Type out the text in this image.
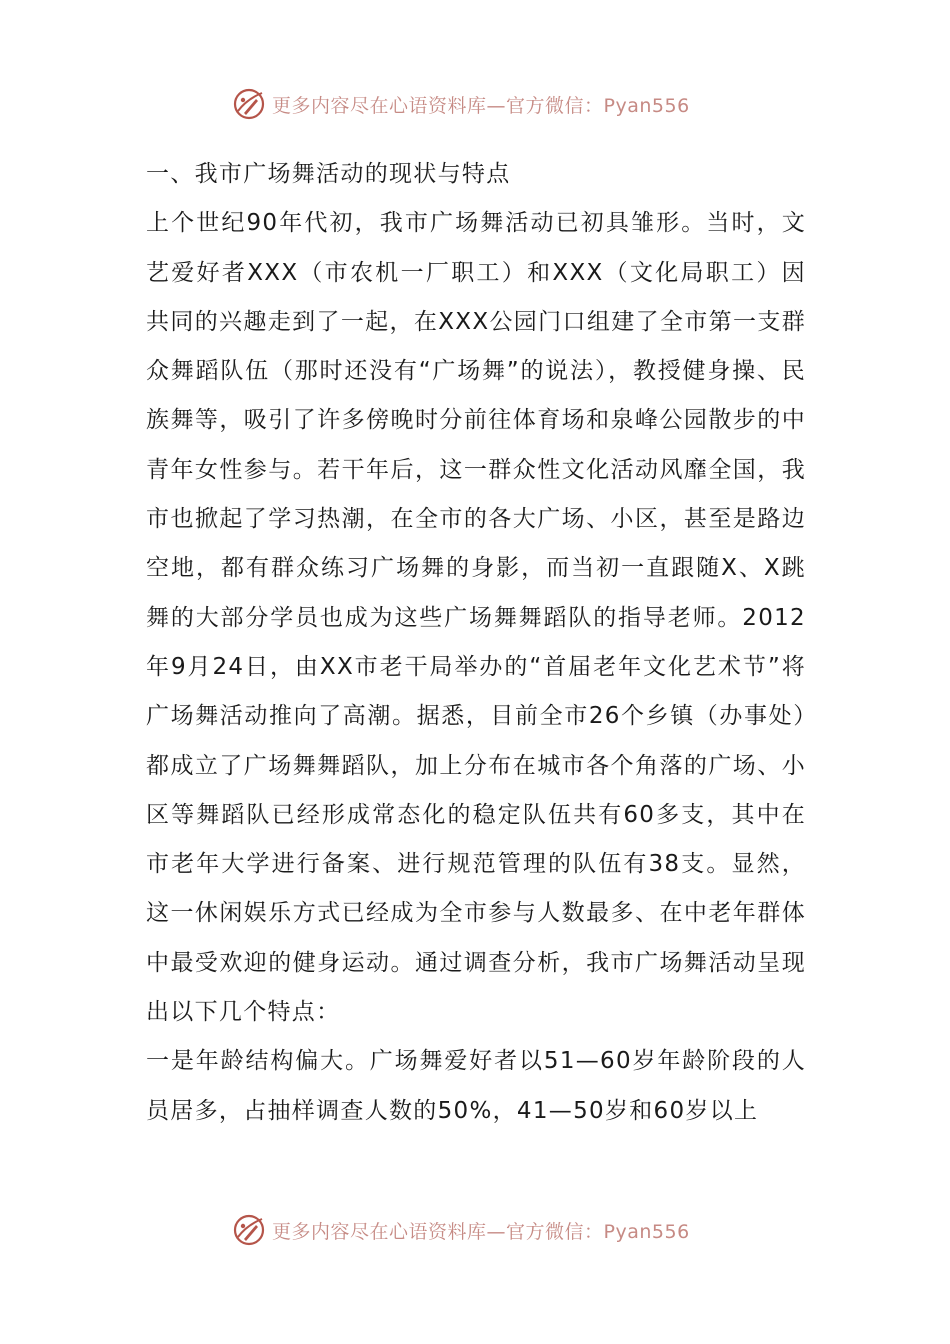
更多内容尽在心语资料库—官方微信：Pyan556

一、我市广场舞活动的现状与特点

上个世纪90年代初，我市广场舞活动已初具雏形。当时，文艺爱好者XXX（市农机一厂职工）和XXX（文化局职工）因共同的兴趣走到了一起，在XXX公园门口组建了全市第一支群众舞蹈队伍（那时还没有“广场舞”的说法），教授健身操、民族舞等，吸引了许多傍晚时分前往体育场和泉峰公园散步的中青年女性参与。若干年后，这一群众性文化活动风靡全国，我市也掀起了学习热潮，在全市的各大广场、小区，甚至是路边空地，都有群众练习广场舞的身影，而当初一直跟随X、X跳舞的大部分学员也成为这些广场舞舞蹈队的指导老师。2012年9月24日，由XX市老干局举办的“首届老年文化艺术节”将广场舞活动推向了高潮。据悉，目前全市26个乡镇（办事处）都成立了广场舞舞蹈队，加上分布在城市各个角落的广场、小区等舞蹈队已经形成常态化的稳定队伍共有60多支，其中在市老年大学进行备案、进行规范管理的队伍有38支。显然，这一休闲娱乐方式已经成为全市参与人数最多、在中老年群体中最受欢迎的健身运动。通过调查分析，我市广场舞活动呈现出以下几个特点：

一是年龄结构偏大。广场舞爱好者以51—60岁年龄阶段的人员居多，占抽样调查人数的50%，41—50岁和60岁以上

更多内容尽在心语资料库—官方微信：Pyan556
